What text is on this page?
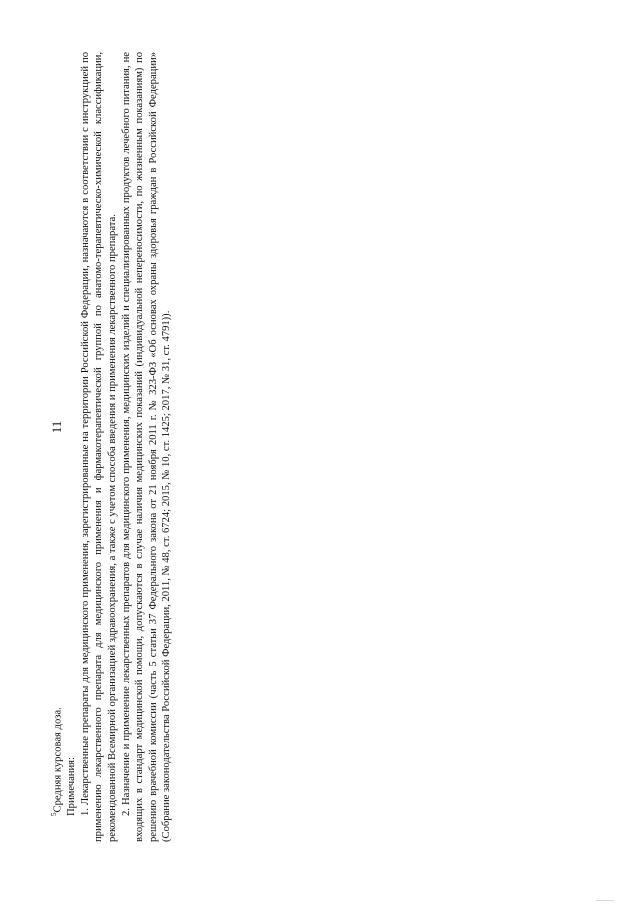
11

$^5$Средняя курсовая доза. Примечания: 1. Лекарственные препараты для медицинского применения, зарегистрированные на территории Российской Федерации, назначаются в соответствии с инструкцией по применению лекарственного препарата для медицинского применения и фармакотерапевтической группой по анатомо-терапевтическо-химической классификации, рекомендованной Всемирной организацией здравоохранения, а также с учетом способа введения и применения лекарственного препарата. 2. Назначение и применение лекарственных препаратов для медицинского применения, медицинских изделий и специализированных продуктов лечебного питания, не входящих в стандарт медицинской помощи, допускаются в случае наличия медицинских показаний (индивидуальной непереносимости, по жизненным показаниям) по решению врачебной комиссии (часть 5 статьи 37 Федерального закона от 21 ноября 2011 г. № 323-ФЗ «Об основах охраны здоровья граждан в Российской Федерации» (Собрание законодательства Российской Федерации, 2011, № 48, ст. 6724; 2015, № 10, ст. 1425; 2017, № 31, ст. 4791)).
